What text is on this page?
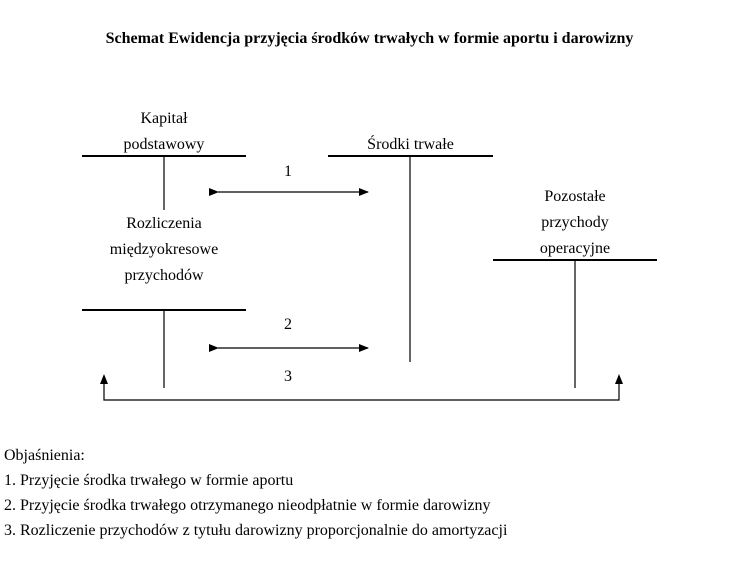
Schemat Ewidencja przyjęcia środków trwałych w formie aportu i darowizny
Kapitał
podstawowy	Środki trwałe
Rozliczenia
międzyokresowe
przychodów
Pozostałe
przychody
operacyjne
1
2
3
Objaśnienia:
1. Przyjęcie środka trwałego w formie aportu
2. Przyjęcie środka trwałego otrzymanego nieodpłatnie w formie darowizny
3. Rozliczenie przychodów z tytułu darowizny proporcjonalnie do amortyzacji
